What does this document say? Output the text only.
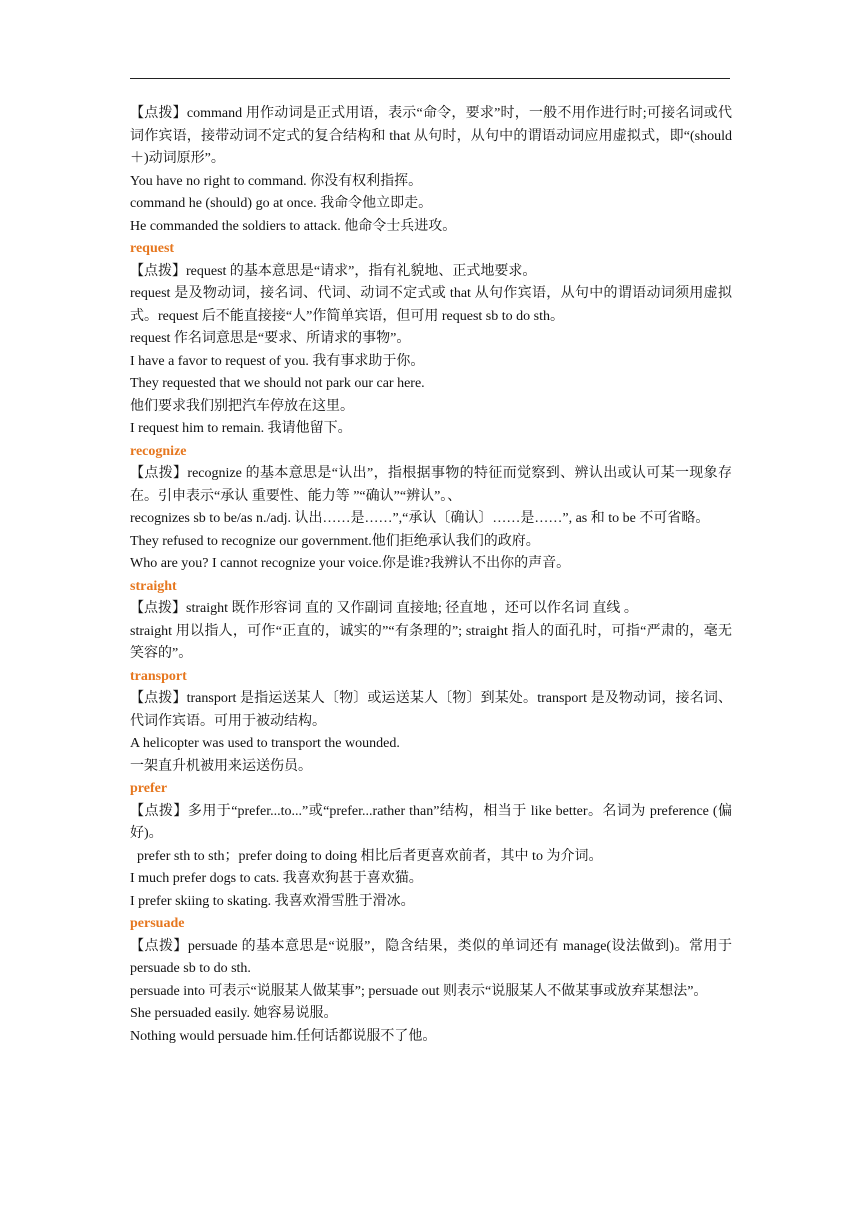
【点拨】command 用作动词是正式用语，表示“命令，要求”时，一般不用作进行时;可接名词或代词作宾语，接带动词不定式的复合结构和 that 从句时，从句中的谓语动词应用虚拟式，即“(should＋)动词原形”。

You have no right to command. 你没有权利指挥。

command he (should) go at once. 我命令他立即走。

He commanded the soldiers to attack. 他命令士兵进攻。

request

【点拨】request 的基本意思是“请求”，指有礼貌地、正式地要求。

request 是及物动词，接名词、代词、动词不定式或 that 从句作宾语，从句中的谓语动词须用虚拟式。request 后不能直接接“人”作简单宾语，但可用 request sb to do sth。

request 作名词意思是“要求、所请求的事物”。

I have a favor to request of you. 我有事求助于你。

They requested that we should not park our car here.

他们要求我们别把汽车停放在这里。

I request him to remain. 我请他留下。

recognize

【点拨】recognize 的基本意思是“认出”，指根据事物的特征而觉察到、辨认出或认可某一现象存在。引申表示“承认 重要性、能力等 ”“确认”“辨认”。、

recognizes sb to be/as n./adj. 认出……是……”,“承认〔确认〕……是……”, as 和 to be 不可省略。

They refused to recognize our government.他们拒绝承认我们的政府。

Who are you? I cannot recognize your voice.你是谁?我辨认不出你的声音。

straight

【点拨】straight 既作形容词 直的 又作副词 直接地; 径直地 ，还可以作名词 直线 。

straight 用以指人，可作“正直的，诚实的”“有条理的”; straight 指人的面孔时，可指“严肃的，毫无笑容的”。

transport

【点拨】transport 是指运送某人〔物〕或运送某人〔物〕到某处。transport 是及物动词，接名词、代词作宾语。可用于被动结构。

A helicopter was used to transport the wounded.

一架直升机被用来运送伤员。

prefer

【点拨】多用于“prefer...to...”或“prefer...rather than”结构，相当于 like better。名词为 preference (偏好)。

prefer sth to sth；prefer doing to doing 相比后者更喜欢前者，其中 to 为介词。

I much prefer dogs to cats. 我喜欢狗甚于喜欢猫。

I prefer skiing to skating. 我喜欢滑雪胜于滑冰。

persuade

【点拨】persuade 的基本意思是“说服”，隐含结果，类似的单词还有 manage(设法做到)。常用于 persuade sb to do sth.

persuade into 可表示“说服某人做某事”; persuade out 则表示“说服某人不做某事或放弃某想法”。

She persuaded easily. 她容易说服。

Nothing would persuade him.任何话都说服不了他。
